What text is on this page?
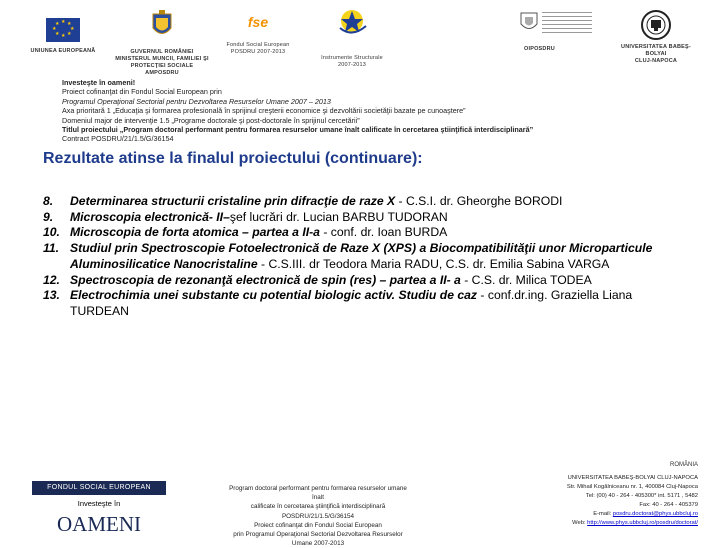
★ ★
★
★
★
★
★
★
UNIUNEA EUROPEANĂ	GUVERNUL ROMÂNIEI
MINISTERUL MUNCII, FAMILIEI ŞI
PROTECŢIEI SOCIALE
AMPOSDRU
fse
Fondul Social European
POSDRU 2007-2013
Instrumente Structurale
2007-2013
OIPOSDRU	UNIVERSITATEA BABEŞ-
BOLYAI
CLUJ-NAPOCA
Investeşte în oameni!
Proiect cofinanţat din Fondul Social European prin
Programul Operaţional Sectorial pentru Dezvoltarea Resurselor Umane 2007 – 2013
Axa prioritară 1 „Educaţia şi formarea profesională în sprijinul creşterii economice şi dezvoltării societăţii bazate pe cunoaştere”
Domeniul major de intervenţie 1.5 „Programe doctorale şi post-doctorale în sprijinul cercetării”
Titlul proiectului „Program doctoral performant pentru formarea resurselor umane înalt calificate în cercetarea ştiinţifică interdisciplinară”
Contract POSDRU/21/1.5/G/36154
Rezultate atinse la finalul proiectului (continuare):
8. Determinarea structurii cristaline prin difracţie de raze X - C.S.I. dr. Gheorghe BORODI
9. Microscopia electronică- II–şef lucrări dr. Lucian BARBU TUDORAN
10. Microscopia de forta atomica – partea a II-a - conf. dr. Ioan BURDA
11. Studiul prin Spectroscopie Fotoelectronică de Raze X (XPS) a Biocompatibilităţii unor Microparticule Aluminosilicatice Nanocristaline - C.S.III. dr Teodora Maria RADU, C.S. dr. Emilia Sabina VARGA
12. Spectroscopia de rezonanţă electronică de spin (res) – partea a II- a - C.S. dr. Milica TODEA
13. Electrochimia unei substante cu potential biologic activ. Studiu de caz - conf.dr.ing. Graziella Liana TURDEAN
FONDUL SOCIAL EUROPEAN
Investeşte în
OAMENI
Program doctoral performant pentru formarea resurselor umane înalt
calificate în cercetarea ştiinţifică interdisciplinară
POSDRU/21/1.5/G/36154
Proiect cofinanţat din Fondul Social European
prin Programul Operaţional Sectorial Dezvoltarea Resurselor Umane 2007-2013
ROMÂNIA
UNIVERSITATEA BABEŞ-BOLYAI CLUJ-NAPOCA
Str. Mihail Kogălniceanu nr. 1, 400084 Cluj-Napoca
Tel: (00) 40 - 264 - 405300* int. 5171 , 5482
Fax: 40 - 264 - 405379
E-mail: posdru.doctorat@phys.ubbcluj.ro
Web: http://www.phys.ubbcluj.ro/posdru/doctorat/
